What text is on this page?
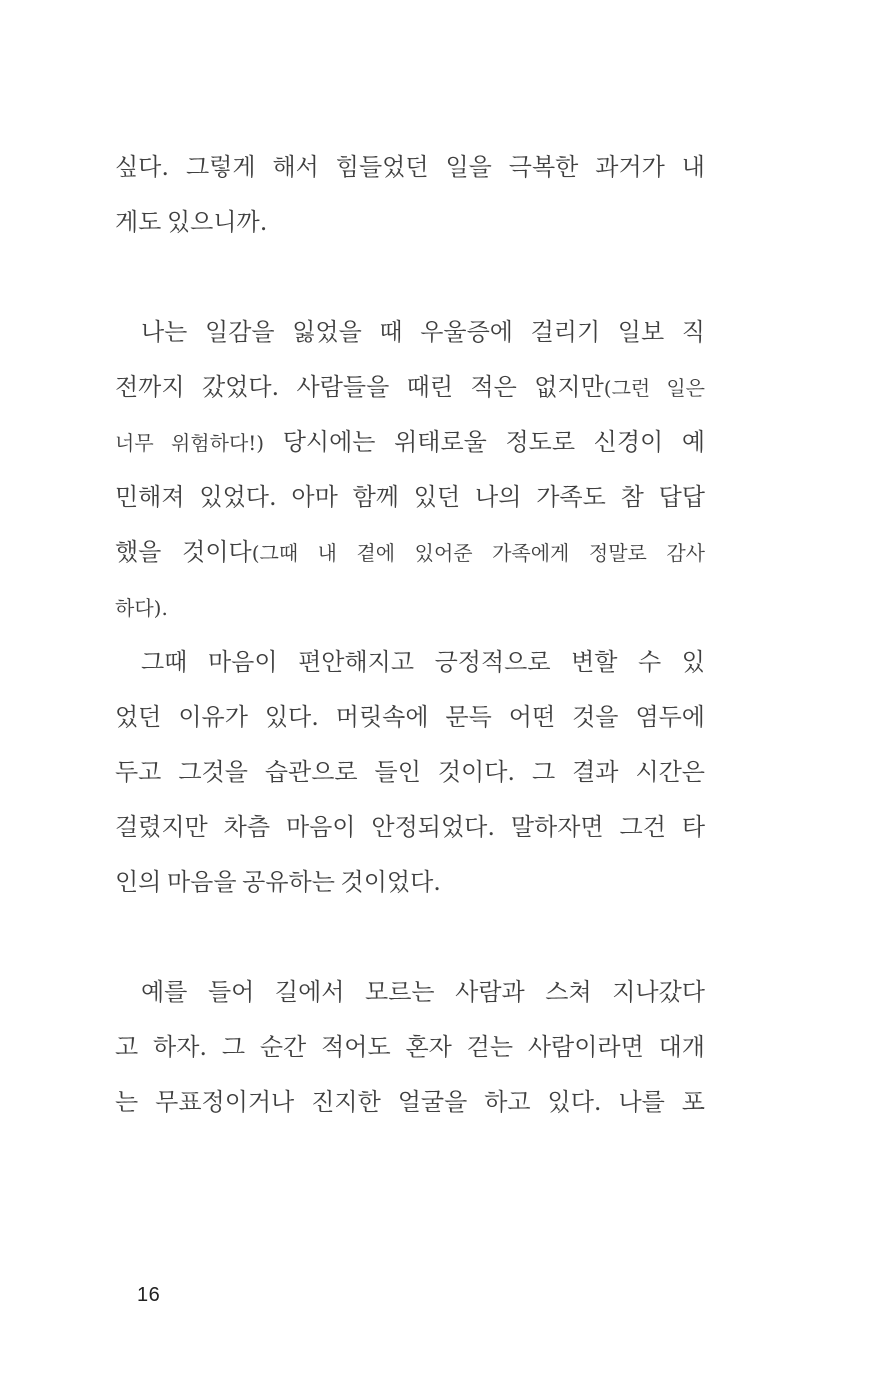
싶다. 그렇게 해서 힘들었던 일을 극복한 과거가 내
게도 있으니까.

나는 일감을 잃었을 때 우울증에 걸리기 일보 직
전까지 갔었다. 사람들을 때린 적은 없지만(그런 일은
너무 위험하다!) 당시에는 위태로울 정도로 신경이 예
민해져 있었다. 아마 함께 있던 나의 가족도 참 답답
했을 것이다(그때 내 곁에 있어준 가족에게 정말로 감사
하다).

그때 마음이 편안해지고 긍정적으로 변할 수 있
었던 이유가 있다. 머릿속에 문득 어떤 것을 염두에
두고 그것을 습관으로 들인 것이다. 그 결과 시간은
걸렸지만 차츰 마음이 안정되었다. 말하자면 그건 타
인의 마음을 공유하는 것이었다.

예를 들어 길에서 모르는 사람과 스쳐 지나갔다
고 하자. 그 순간 적어도 혼자 걷는 사람이라면 대개
는 무표정이거나 진지한 얼굴을 하고 있다. 나를 포

16
